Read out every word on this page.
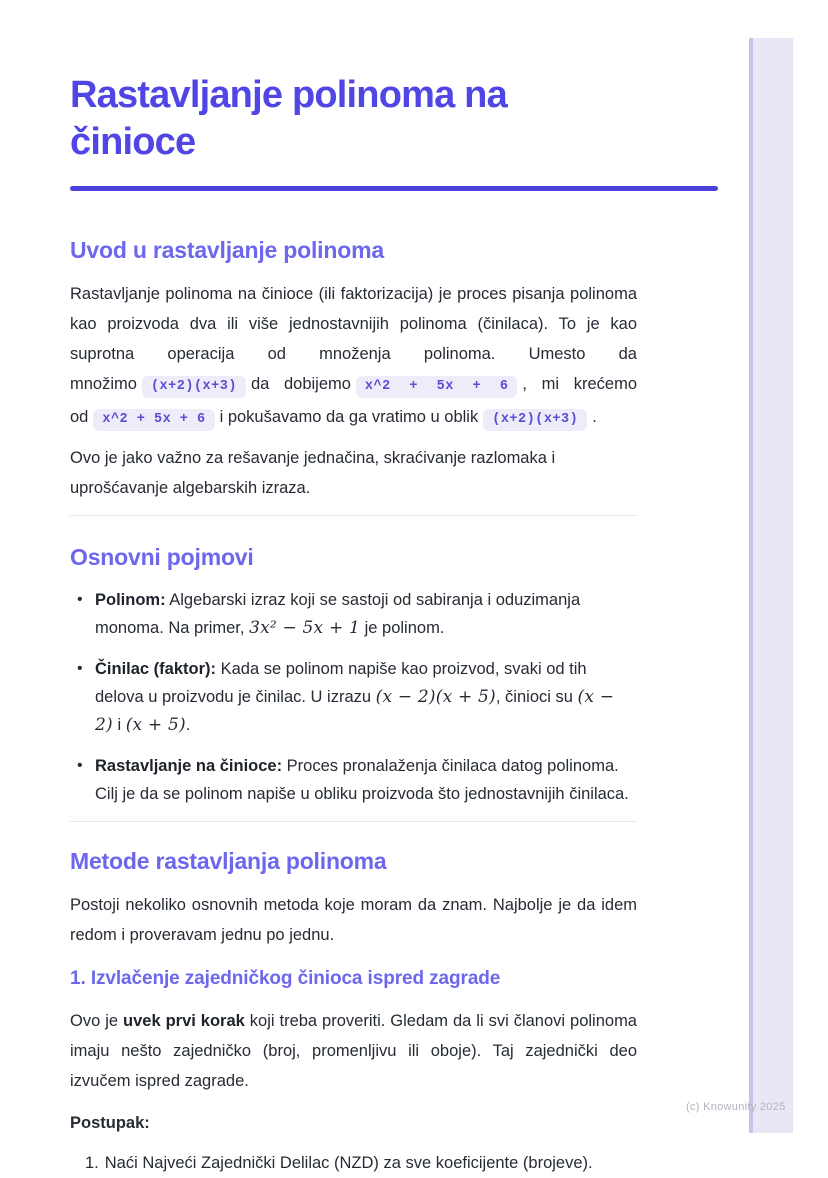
(c) Knowunity 2025
Rastavljanje polinoma na činioce
Uvod u rastavljanje polinoma

Rastavljanje polinoma na činioce (ili faktorizacija) je proces pisanja polinoma kao proizvoda dva ili više jednostavnijih polinoma (činilaca). To je kao suprotna operacija od množenja polinoma. Umesto da množimo (x+2)(x+3) da dobijemo x^2 + 5x + 6 , mi krećemo od x^2 + 5x + 6 i pokušavamo da ga vratimo u oblik (x+2)(x+3) .

Ovo je jako važno za rešavanje jednačina, skraćivanje razlomaka i uprošćavanje algebarskih izraza.

Osnovni pojmovi
• Polinom: Algebarski izraz koji se sastoji od sabiranja i oduzimanja monoma. Na primer, 3x² − 5x + 1 je polinom.
• Činilac (faktor): Kada se polinom napiše kao proizvod, svaki od tih delova u proizvodu je činilac. U izrazu (x − 2)(x + 5), činioci su (x − 2) i (x + 5).
• Rastavljanje na činioce: Proces pronalaženja činilaca datog polinoma. Cilj je da se polinom napiše u obliku proizvoda što jednostavnijih činilaca.
Metode rastavljanja polinoma

Postoji nekoliko osnovnih metoda koje moram da znam. Najbolje je da idem redom i proveravam jednu po jednu.

1. Izvlačenje zajedničkog činioca ispred zagrade

Ovo je uvek prvi korak koji treba proveriti. Gledam da li svi članovi polinoma imaju nešto zajedničko (broj, promenljivu ili oboje). Taj zajednički deo izvučem ispred zagrade.

Postupak:

1. Naći Najveći Zajednički Delilac (NZD) za sve koeficijente (brojeve).
